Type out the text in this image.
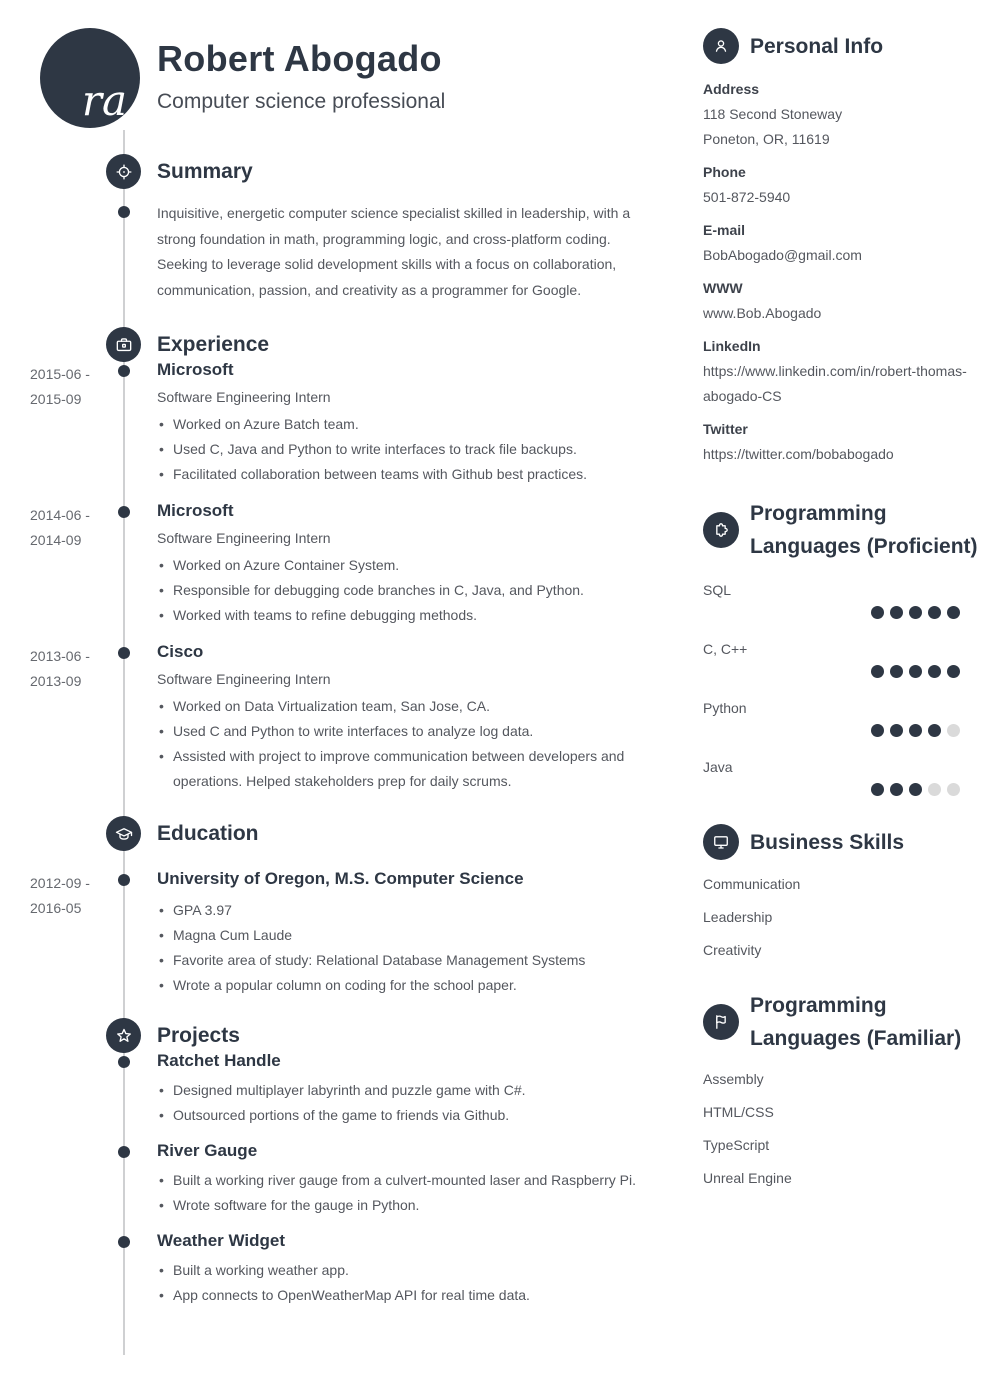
ra
Robert Abogado
Computer science professional
Summary

Inquisitive, energetic computer science specialist skilled in leadership, with a strong foundation in math, programming logic, and cross-platform coding. Seeking to leverage solid development skills with a focus on collaboration, communication, passion, and creativity as a programmer for Google.

Experience
2015-06 -
2015-09
Microsoft
Software Engineering Intern
• Worked on Azure Batch team.
• Used C, Java and Python to write interfaces to track file backups.
• Facilitated collaboration between teams with Github best practices.
2014-06 -
2014-09
Microsoft
Software Engineering Intern
• Worked on Azure Container System.
• Responsible for debugging code branches in C, Java, and Python.
• Worked with teams to refine debugging methods.
2013-06 -
2013-09
Cisco
Software Engineering Intern
• Worked on Data Virtualization team, San Jose, CA.
• Used C and Python to write interfaces to analyze log data.
• Assisted with project to improve communication between developers and operations. Helped stakeholders prep for daily scrums.
Education
2012-09 -
2016-05
University of Oregon, M.S. Computer Science
• GPA 3.97
• Magna Cum Laude
• Favorite area of study: Relational Database Management Systems
• Wrote a popular column on coding for the school paper.
Projects
Ratchet Handle
• Designed multiplayer labyrinth and puzzle game with C#.
• Outsourced portions of the game to friends via Github.
River Gauge
• Built a working river gauge from a culvert-mounted laser and Raspberry Pi.
• Wrote software for the gauge in Python.
Weather Widget
• Built a working weather app.
• App connects to OpenWeatherMap API for real time data.
Personal Info
Address
118 Second Stoneway
Poneton, OR, 11619
Phone
501-872-5940
E-mail
BobAbogado@gmail.com
WWW
www.Bob.Abogado
LinkedIn
https://www.linkedin.com/in/robert-thomas-abogado-CS
Twitter
https://twitter.com/bobabogado
Programming Languages (Proficient)
SQL
C, C++
Python
Java
Business Skills
Communication
Leadership
Creativity
Programming Languages (Familiar)
Assembly
HTML/CSS
TypeScript
Unreal Engine
